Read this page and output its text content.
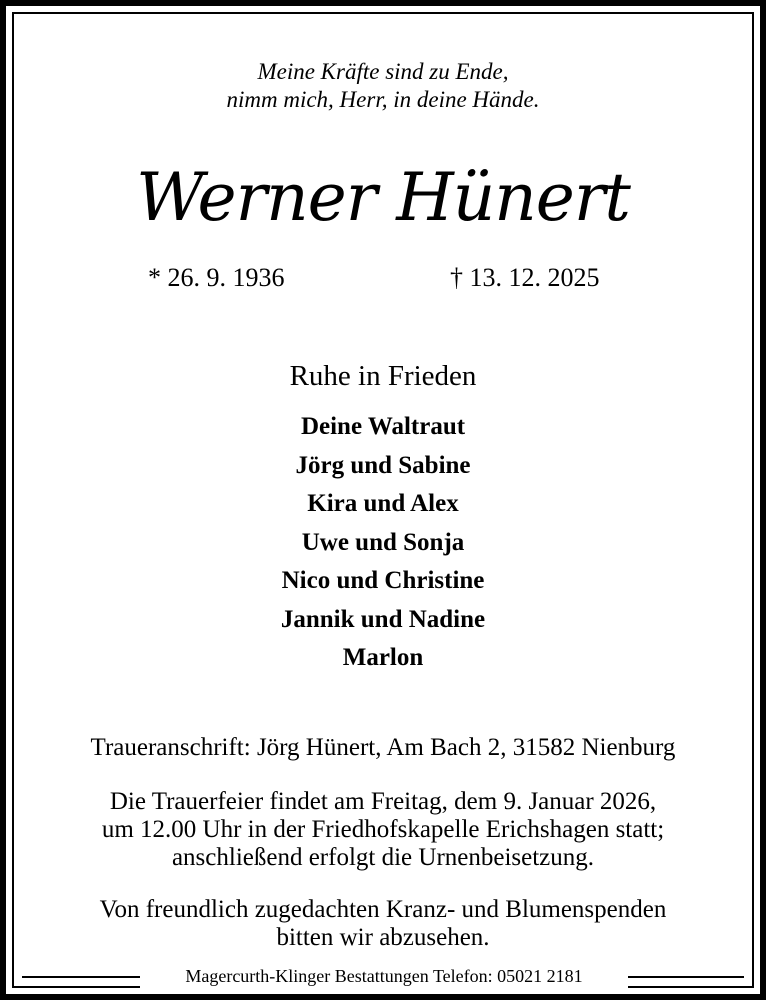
Meine Kräfte sind zu Ende,
nimm mich, Herr, in deine Hände.
Werner Hünert
* 26. 9. 1936	† 13. 12. 2025
Ruhe in Frieden
Deine Waltraut
Jörg und Sabine
Kira und Alex
Uwe und Sonja
Nico und Christine
Jannik und Nadine
Marlon
Traueranschrift: Jörg Hünert, Am Bach 2, 31582 Nienburg
Die Trauerfeier findet am Freitag, dem 9. Januar 2026,
um 12.00 Uhr in der Friedhofskapelle Erichshagen statt;
anschließend erfolgt die Urnenbeisetzung.
Von freundlich zugedachten Kranz- und Blumenspenden
bitten wir abzusehen.
Magercurth-Klinger Bestattungen Telefon: 05021 2181
